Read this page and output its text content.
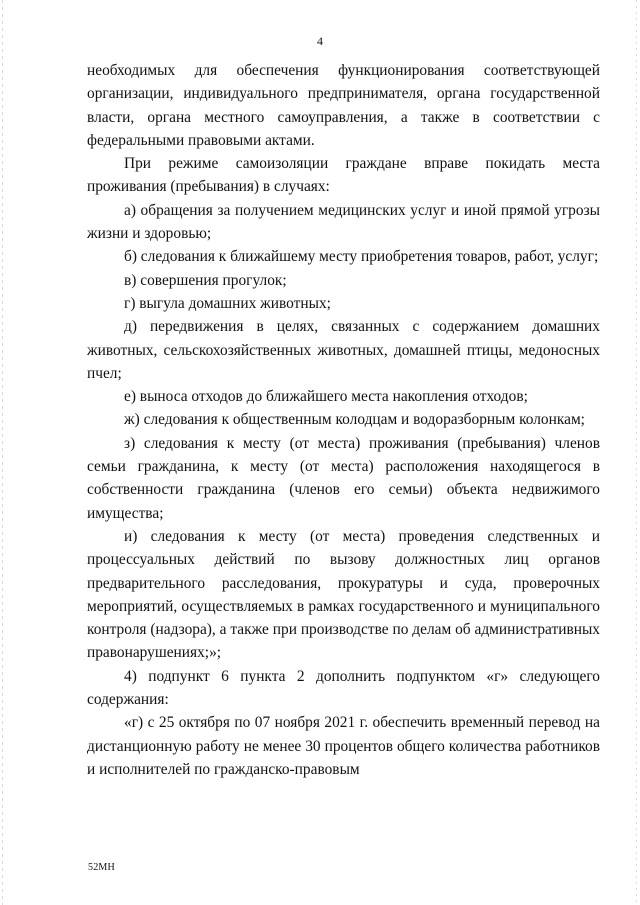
4

необходимых для обеспечения функционирования соответствующей организации, индивидуального предпринимателя, органа государственной власти, органа местного самоуправления, а также в соответствии с федеральными правовыми актами.

При режиме самоизоляции граждане вправе покидать места проживания (пребывания) в случаях:

а) обращения за получением медицинских услуг и иной прямой угрозы жизни и здоровью;

б) следования к ближайшему месту приобретения товаров, работ, услуг;

в) совершения прогулок;

г) выгула домашних животных;

д) передвижения в целях, связанных с содержанием домашних животных, сельскохозяйственных животных, домашней птицы, медоносных пчел;

е) выноса отходов до ближайшего места накопления отходов;

ж) следования к общественным колодцам и водоразборным колонкам;

з) следования к месту (от места) проживания (пребывания) членов семьи гражданина, к месту (от места) расположения находящегося в собственности гражданина (членов его семьи) объекта недвижимого имущества;

и) следования к месту (от места) проведения следственных и процессуальных действий по вызову должностных лиц органов предварительного расследования, прокуратуры и суда, проверочных мероприятий, осуществляемых в рамках государственного и муниципального контроля (надзора), а также при производстве по делам об административных правонарушениях;»;

4) подпункт 6 пункта 2 дополнить подпунктом «г» следующего содержания:

«г) с 25 октября по 07 ноября 2021 г. обеспечить временный перевод на дистанционную работу не менее 30 процентов общего количества работников и исполнителей по гражданско-правовым

52МН
